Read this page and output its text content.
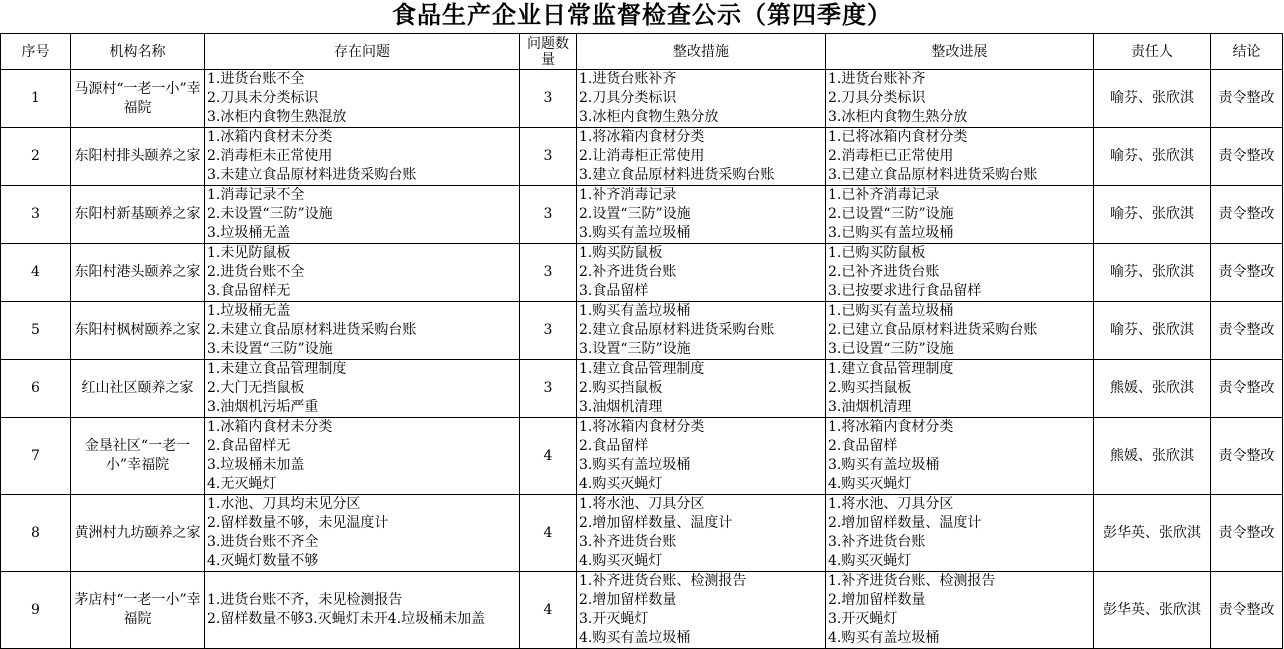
食品生产企业日常监督检查公示（第四季度）
序号	机构名称	存在问题	问题数量	整改措施	整改进展	责任人	结论
1	马源村“一老一小”幸福院	1.进货台账不全
2.刀具未分类标识
3.冰柜内食物生熟混放	3	1.进货台账补齐
2.刀具分类标识
3.冰柜内食物生熟分放	1.进货台账补齐
2.刀具分类标识
3.冰柜内食物生熟分放	喻芬、张欣淇	责令整改
2	东阳村排头颐养之家	1.冰箱内食材未分类
2.消毒柜未正常使用
3.未建立食品原材料进货采购台账	3	1.将冰箱内食材分类
2.让消毒柜正常使用
3.建立食品原材料进货采购台账	1.已将冰箱内食材分类
2.消毒柜已正常使用
3.已建立食品原材料进货采购台账	喻芬、张欣淇	责令整改
3	东阳村新基颐养之家	1.消毒记录不全
2.未设置“三防”设施
3.垃圾桶无盖	3	1.补齐消毒记录
2.设置“三防”设施
3.购买有盖垃圾桶	1.已补齐消毒记录
2.已设置“三防”设施
3.已购买有盖垃圾桶	喻芬、张欣淇	责令整改
4	东阳村港头颐养之家	1.未见防鼠板
2.进货台账不全
3.食品留样无	3	1.购买防鼠板
2.补齐进货台账
3.食品留样	1.已购买防鼠板
2.已补齐进货台账
3.已按要求进行食品留样	喻芬、张欣淇	责令整改
5	东阳村枫树颐养之家	1.垃圾桶无盖
2.未建立食品原材料进货采购台账
3.未设置“三防”设施	3	1.购买有盖垃圾桶
2.建立食品原材料进货采购台账
3.设置“三防”设施	1.已购买有盖垃圾桶
2.已建立食品原材料进货采购台账
3.已设置“三防”设施	喻芬、张欣淇	责令整改
6	红山社区颐养之家	1.未建立食品管理制度
2.大门无挡鼠板
3.油烟机污垢严重	3	1.建立食品管理制度
2.购买挡鼠板
3.油烟机清理	1.建立食品管理制度
2.购买挡鼠板
3.油烟机清理	熊媛、张欣淇	责令整改
7	金垦社区“一老一小”幸福院	1.冰箱内食材未分类
2.食品留样无
3.垃圾桶未加盖
4.无灭蝇灯	4	1.将冰箱内食材分类
2.食品留样
3.购买有盖垃圾桶
4.购买灭蝇灯	1.将冰箱内食材分类
2.食品留样
3.购买有盖垃圾桶
4.购买灭蝇灯	熊媛、张欣淇	责令整改
8	黄洲村九坊颐养之家	1.水池、刀具均未见分区
2.留样数量不够，未见温度计
3.进货台账不齐全
4.灭蝇灯数量不够	4	1.将水池、刀具分区
2.增加留样数量、温度计
3.补齐进货台账
4.购买灭蝇灯	1.将水池、刀具分区
2.增加留样数量、温度计
3.补齐进货台账
4.购买灭蝇灯	彭华英、张欣淇	责令整改
9	茅店村“一老一小”幸福院	1.进货台账不齐，未见检测报告
2.留样数量不够3.灭蝇灯未开4.垃圾桶未加盖	4	1.补齐进货台账、检测报告
2.增加留样数量
3.开灭蝇灯
4.购买有盖垃圾桶	1.补齐进货台账、检测报告
2.增加留样数量
3.开灭蝇灯
4.购买有盖垃圾桶	彭华英、张欣淇	责令整改
